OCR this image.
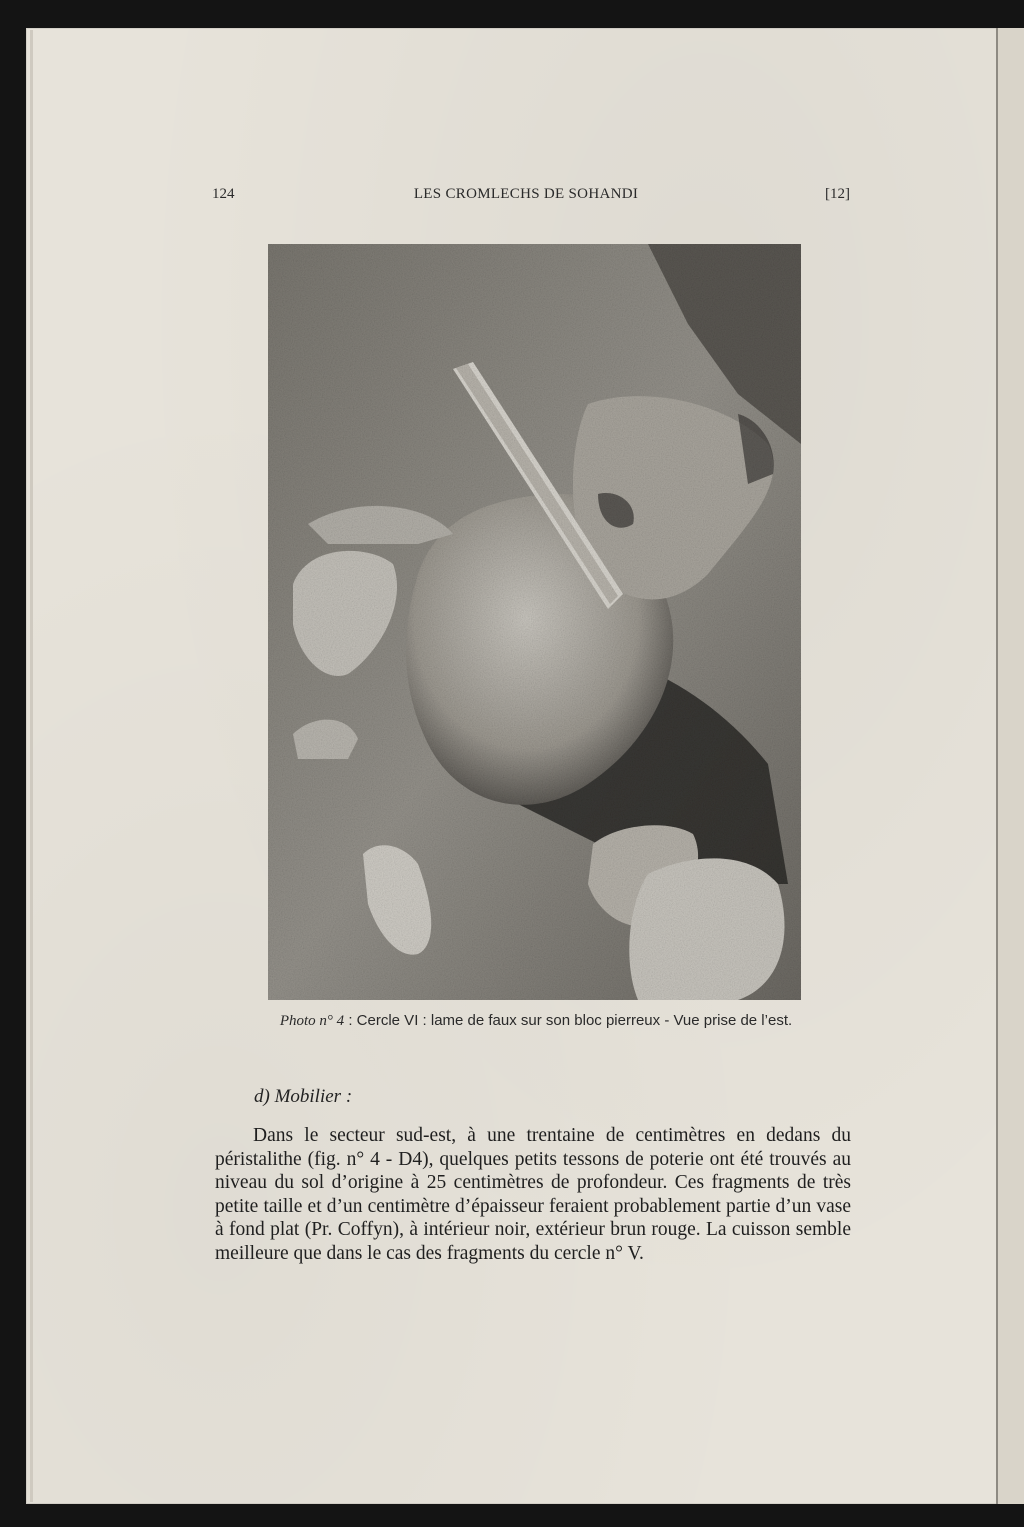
124	LES CROMLECHS DE SOHANDI	[12]
Photo n° 4 : Cercle VI : lame de faux sur son bloc pierreux - Vue prise de l’est.
d) Mobilier :

Dans le secteur sud-est, à une trentaine de centimètres en dedans du péristalithe (fig. n° 4 - D4), quelques petits tessons de poterie ont été trouvés au niveau du sol d’origine à 25 centimètres de profondeur. Ces fragments de très petite taille et d’un centimètre d’épaisseur feraient probablement partie d’un vase à fond plat (Pr. Coffyn), à intérieur noir, extérieur brun rouge. La cuisson semble meilleure que dans le cas des fragments du cercle n° V.
